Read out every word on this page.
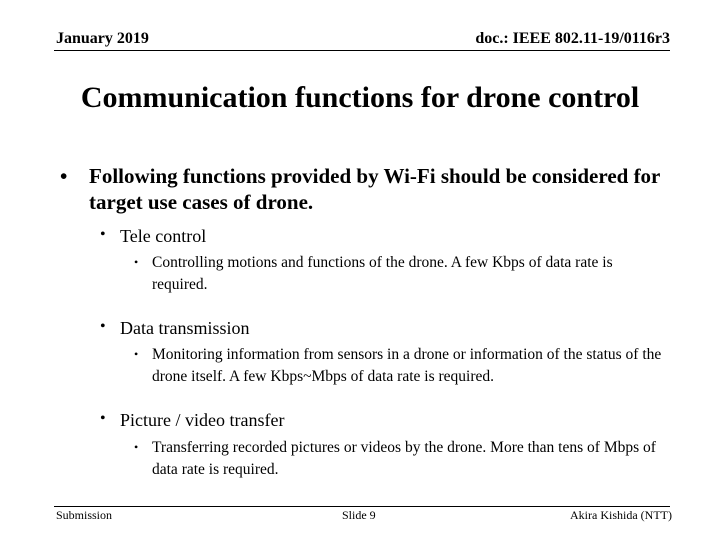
January 2019	doc.: IEEE 802.11-19/0116r3
Communication functions for drone control
• Following functions provided by Wi-Fi should be considered for target use cases of drone.
• Tele control
• Controlling motions and functions of the drone. A few Kbps of data rate is required.
• Data transmission
• Monitoring information from sensors in a drone or information of the status of the drone itself. A few Kbps~Mbps of data rate is required.
• Picture / video transfer
• Transferring recorded pictures or videos by the drone. More than tens of Mbps of data rate is required.
Submission	Slide 9	Akira Kishida (NTT)
